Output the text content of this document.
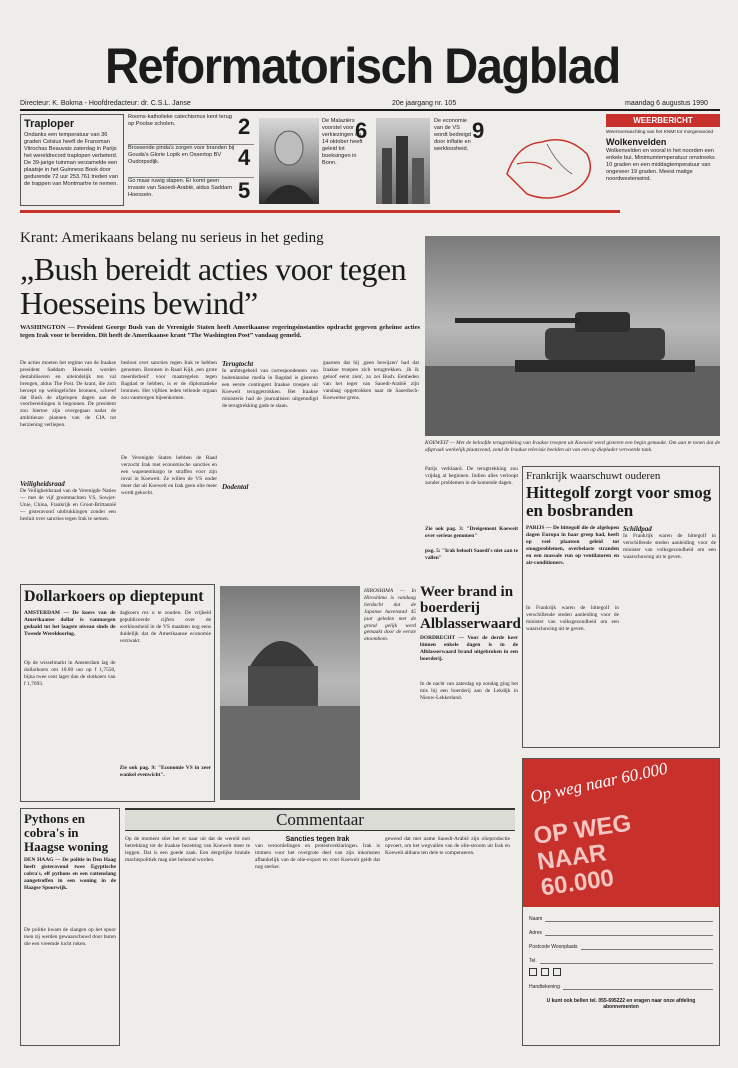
Reformatorisch Dagblad
Directeur: K. Bokma - Hoofdredacteur: dr. C.S.L. Janse	20e jaargang nr. 105	maandag 6 augustus 1990
Traploper
Ondanks een temperatuur van 36 graden Celsius heeft de Fransman Vitrochas Beauvais zaterdag in Parijs het wereldrecord traplopen verbeterd. De 39-jarige tuinman verzamelde een plaatsje in het Guinness Book door gedurende 72 uur 253.761 treden van de trappen van Montmartre te nemen.
Rooms-katholieke catechismus kent terug op Poolse scholen.	2
Brossende pinda's zorgen voor branden bij Gouda's Glorie Lopik en Ossertop BV Oudorpsdijk.	4
Go maar ruwig slapen. Er komt geen invasie van Saoedi-Arabië, aldus Saddam Hoessein.	5
De Malaziërs voorstel voor verkiezingen op 14 oktober heeft geleid tot boeksingen in Bonn.
6	De economie van de VS wordt bedreigd door inflatie en werkloosheid.
9	WEERBERICHT
Weersverwachting van het KNMI tot morgenavond
Wolkenvelden
Wolkenvelden en vooral in het noorden een enkele bui. Minimumtemperatuur omstreeks 10 graden en een middagtemperatuur van ongeveer 19 graden. Meest matige noordwestenwind.
Krant: Amerikaans belang nu serieus in het geding
„Bush bereidt acties voor tegen Hoesseins bewind”
WASHINGTON — President George Bush van de Verenigde Staten heeft Amerikaanse regeringsinstanties opdracht gegeven geheime acties tegen Irak voor te bereiden. Dit heeft de Amerikaanse krant ”The Washington Post” vandaag gemeld.
De acties moeten het regime van de Iraakse president Saddam Hoessein worden destabiliseren en uiteindelijk ten val brengen, aldus The Post. De krant, die zich beroept op welingelichte bronnen, schreef dat Bush de afgelopen dagen aan de voorbereidingen is begonnen. De president zou hiertoe zijn overgegaan nadat de ambitieuze plannen van de CIA tot herziening verliepen.
Veiligheidsraad
De Veiligheidsraad van de Verenigde Naties — met de vijf grootmachten VS, Sowjet-Unie, China, Frankrijk en Groot-Brittannië — gisteravond uitdrukkingen zonder een besluit over sancties tegen Irak te nemen.
besloot over sancties tegen Irak te hebben genomen. Bronnen in Raad Kijk ,een grote meerderheid' voor maatregelen tegen Bagdad te hebben, is er de diplomatieke bronnen. Het vijftien leden tellende orgaan zou vanmorgen bijeenkomen.
De Verenigde Staten hebben de Raad verzocht Irak met economische sancties en een wapenembargo te straffen voor zijn inval in Koeweit. Ze willen de VS onder meer dat uit Koeweit en Irak geen olie meer wordt gekocht.
Terugtocht
In ambtsgeheid van correspondenten van buitenlandse media in Bagdad is gisteren een eerste contingent Iraakse troepen uit Koeweit teruggetrokken. Het Iraakse ministerie had de journalisten uitgenodigd de terugtrekking gade te slaan.
Dodental
gaarnen dat hij ,geen bewijzen' had dat Iraakse troepen zich terugtrekken. ,Ik ik geloof eerst zien', zo zei Bush. Eenheden van het leger van Saoedi-Arabië zijn vandaag opgetrokken naar de Saoedisch-Koeweitse grens.
KOEWEIT — Met de beloofde terugtrekking van Iraakse troepen uit Koeweit werd gisteren een begin gemaakt. Om aan te tonen dat de afspraak werkelijk plaatsvond, zond de Iraakse televisie beelden uit van een op dieplader vervoerde tank.
Parijs verklaard. De terugtrekking zou vrijdag al beginnen. Indien alles verloopt zonder problemen in de komende dagen.
Zie ook pag. 3: "Dreigement Koeweit over serieus genomen"
pag. 5: "Irak belooft Saoedi's niet aan te vallen"
Frankrijk waarschuwt ouderen
Hittegolf zorgt voor smog en bosbranden
PARIJS — De hittegolf die de afgelopen dagen Europa in haar greep had, heeft op veel plaatsen geleid tot smogproblemen, overbelaste stranden en een massale run op ventilatoren en air-conditioners.
In Frankrijk waren de hittegolf in verschillende steden aanleiding voor de minister van volksgezondheid om een waarschuwing uit te geven.
Schildpad
In Frankrijk waren de hittegolf in verschillende steden aanleiding voor de minister van volksgezondheid om een waarschuwing uit te geven.
Dollarkoers op dieptepunt
AMSTERDAM — De koers van de Amerikaanse dollar is vanmorgen gedaald tot het laagste niveau sinds de Tweede Wereldoorlog.
Op de wisselmarkt in Amsterdam lag de dollarkoers om 10.00 uur op f 1,7550, bijna twee cent lager dan de slotkoers van f 1,7693.
dagkoers rez u te zouden. De vrijheid gepubliceerde cijfers over de werkloosheid in de VS maakten nog eens duidelijk dat de Amerikaanse economie verzwakt.
Zie ook pag. 9: "Economie VS in zeer wankel evenwicht".
HIROSHIMA — In Hiroshima is vandaag herdacht dat de Japanse havenstad 45 jaar geleden met de grond gelijk werd gemaakt door de eerste atoombom.
Weer brand in boerderij Alblasserwaard
DORDRECHT — Voor de derde keer binnen enkele dagen is in de Alblasserwaard brand uitgebroken in een boerderij.
In de nacht van zaterdag op zondag ging het mis bij een boerderij aan de Lekdijk in Nieuw-Lekkerland.
Pythons en cobra's in Haagse woning
DEN HAAG — De politie in Den Haag heeft gisteravond twee Egyptische cobra's, elf pythons en een rattenslang aangetroffen in een woning in de Haagse Spoorwijk.
De politie kwam de slangen op het spoor toen zij werden gewaarschuwd door buren die een vreemde lucht roken.
Commentaar
Op de moment stiet het er naar uit dat de wereld met betrekking tot de Iraakse bezetting van Koeweit meer te leggen. Dat is een goede zaak. Een dergelijke brutale machtspolitiek mag niet beloond worden.
Sancties tegen Irak
van veroordelingen en protestverklaringen. Irak is immers voor het overgrote deel van zijn inkomsten afhankelijk van de olie-export en voor Koeweit geldt dat nog sterker.
gewend dat met name Saoedi-Arabië zijn olieproductie opvoert, om het wegvallen van de olie-stroom uit Irak en Koeweit althans ten dele te compenseren.
Op weg naar 60.000
OP WEG
NAAR
60.000
Naam
Adres
Postcode Woonplaats
Tel.
Handtekening
U kunt ook bellen tel. 055-695222 en vragen naar onze afdeling abonnementen
